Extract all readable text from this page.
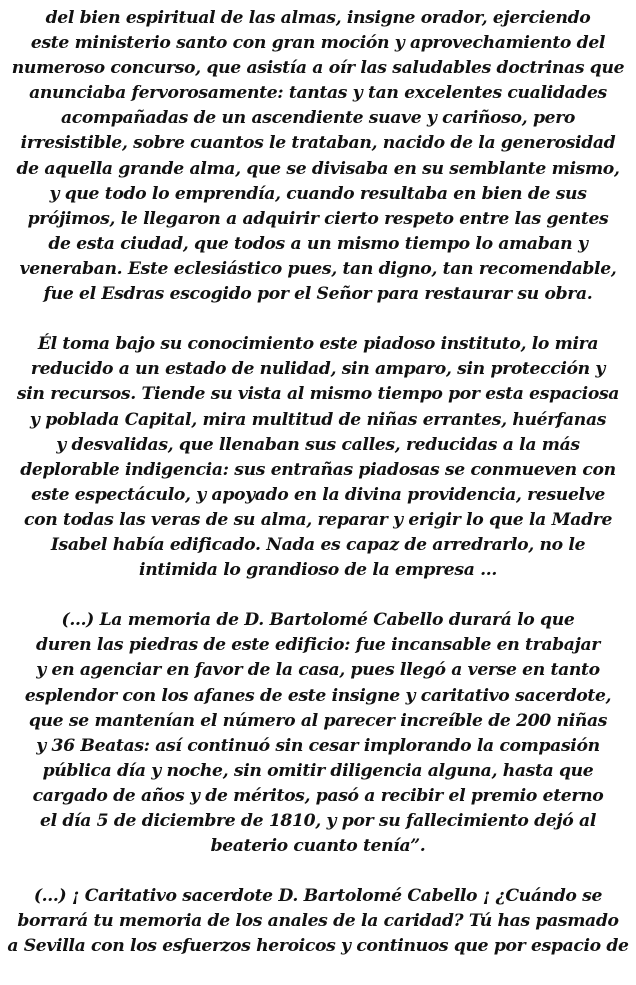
del bien espiritual de las almas, insigne orador, ejerciendo
este ministerio santo con gran moción y aprovechamiento del
numeroso concurso, que asistía a oír las saludables doctrinas que
anunciaba fervorosamente: tantas y tan excelentes cualidades
acompañadas de un ascendiente suave y cariñoso, pero
irresistible, sobre cuantos le trataban, nacido de la generosidad
de aquella grande alma, que se divisaba en su semblante mismo,
y que todo lo emprendía, cuando resultaba en bien de sus
prójimos, le llegaron a adquirir cierto respeto entre las gentes
de esta ciudad, que todos a un mismo tiempo lo amaban y
veneraban. Este eclesiástico pues, tan digno, tan recomendable,
fue el Esdras escogido por el Señor para restaurar su obra.
Él toma bajo su conocimiento este piadoso instituto, lo mira
reducido a un estado de nulidad, sin amparo, sin protección y
sin recursos. Tiende su vista al mismo tiempo por esta espaciosa
y poblada Capital, mira multitud de niñas errantes, huérfanas
y desvalidas, que llenaban sus calles, reducidas a la más
deplorable indigencia: sus entrañas piadosas se conmueven con
este espectáculo, y apoyado en la divina providencia, resuelve
con todas las veras de su alma, reparar y erigir lo que la Madre
Isabel había edificado. Nada es capaz de arredrarlo, no le
intimida lo grandioso de la empresa …
(…) La memoria de D. Bartolomé Cabello durará lo que
duren las piedras de este edificio: fue incansable en trabajar
y en agenciar en favor de la casa, pues llegó a verse en tanto
esplendor con los afanes de este insigne y caritativo sacerdote,
que se mantenían el número al parecer increíble de 200 niñas
y 36 Beatas: así continuó sin cesar implorando la compasión
pública día y noche, sin omitir diligencia alguna, hasta que
cargado de años y de méritos, pasó a recibir el premio eterno
el día 5 de diciembre de 1810, y por su fallecimiento dejó al
beaterio cuanto tenía”.
(…) ¡ Caritativo sacerdote D. Bartolomé Cabello ¡ ¿Cuándo se
borrará tu memoria de los anales de la caridad? Tú has pasmado
a Sevilla con los esfuerzos heroicos y continuos que por espacio de
